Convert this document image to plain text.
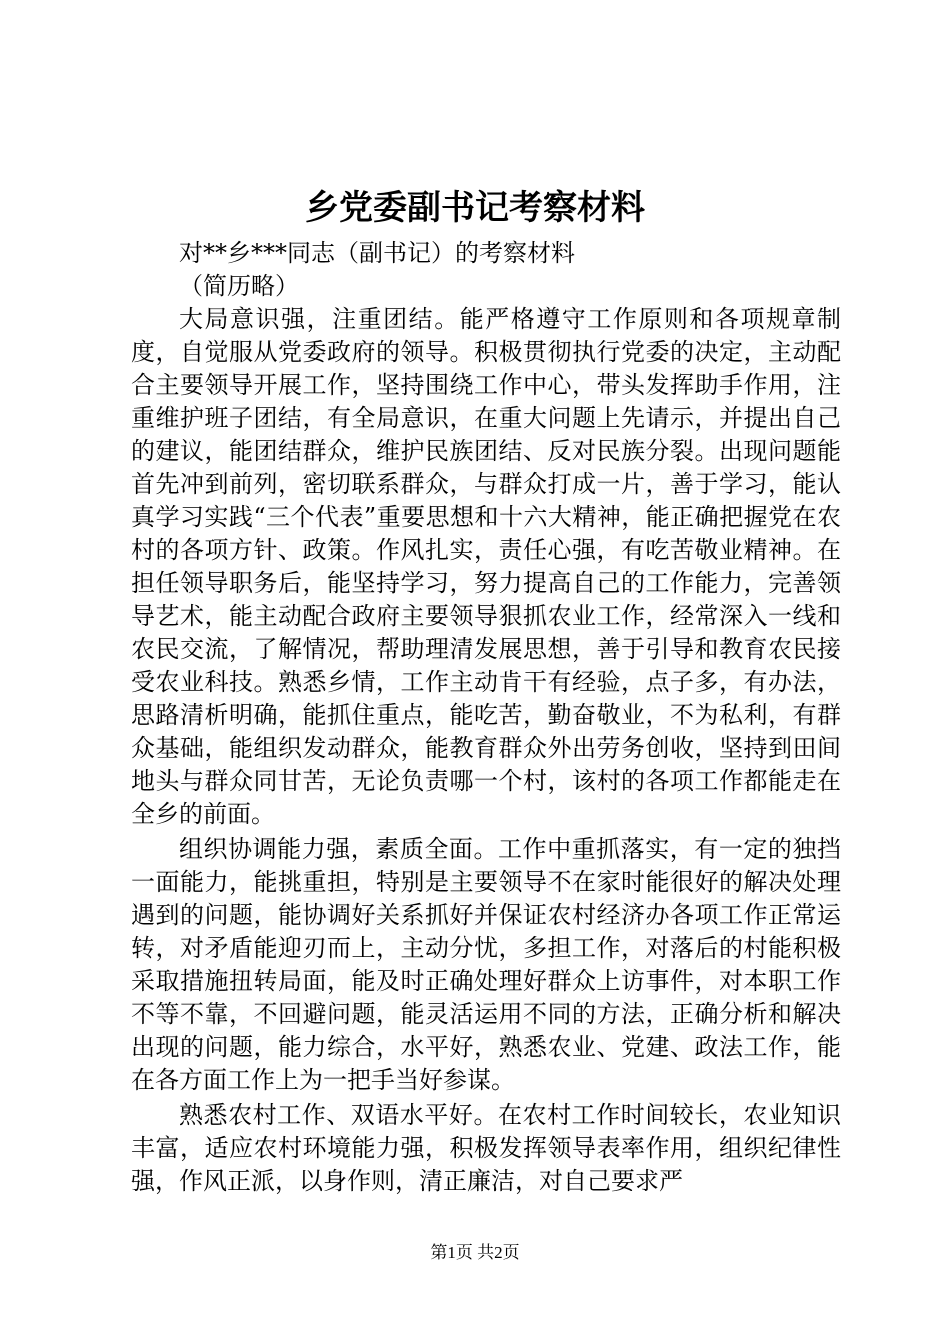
乡党委副书记考察材料

对**乡***同志（副书记）的考察材料

（简历略）

大局意识强，注重团结。能严格遵守工作原则和各项规章制度，自觉服从党委政府的领导。积极贯彻执行党委的决定，主动配合主要领导开展工作，坚持围绕工作中心，带头发挥助手作用，注重维护班子团结，有全局意识，在重大问题上先请示，并提出自己的建议，能团结群众，维护民族团结、反对民族分裂。出现问题能首先冲到前列，密切联系群众，与群众打成一片，善于学习，能认真学习实践“三个代表”重要思想和十六大精神，能正确把握党在农村的各项方针、政策。作风扎实，责任心强，有吃苦敬业精神。在担任领导职务后，能坚持学习，努力提高自己的工作能力，完善领导艺术，能主动配合政府主要领导狠抓农业工作，经常深入一线和农民交流，了解情况，帮助理清发展思想，善于引导和教育农民接受农业科技。熟悉乡情，工作主动肯干有经验，点子多，有办法，思路清析明确，能抓住重点，能吃苦，勤奋敬业，不为私利，有群众基础，能组织发动群众，能教育群众外出劳务创收，坚持到田间地头与群众同甘苦，无论负责哪一个村，该村的各项工作都能走在全乡的前面。

组织协调能力强，素质全面。工作中重抓落实，有一定的独挡一面能力，能挑重担，特别是主要领导不在家时能很好的解决处理遇到的问题，能协调好关系抓好并保证农村经济办各项工作正常运转，对矛盾能迎刃而上，主动分忧，多担工作，对落后的村能积极采取措施扭转局面，能及时正确处理好群众上访事件，对本职工作不等不靠，不回避问题，能灵活运用不同的方法，正确分析和解决出现的问题，能力综合，水平好，熟悉农业、党建、政法工作，能在各方面工作上为一把手当好参谋。

熟悉农村工作、双语水平好。在农村工作时间较长，农业知识丰富，适应农村环境能力强，积极发挥领导表率作用，组织纪律性强，作风正派，以身作则，清正廉洁，对自己要求严

第1页 共2页
